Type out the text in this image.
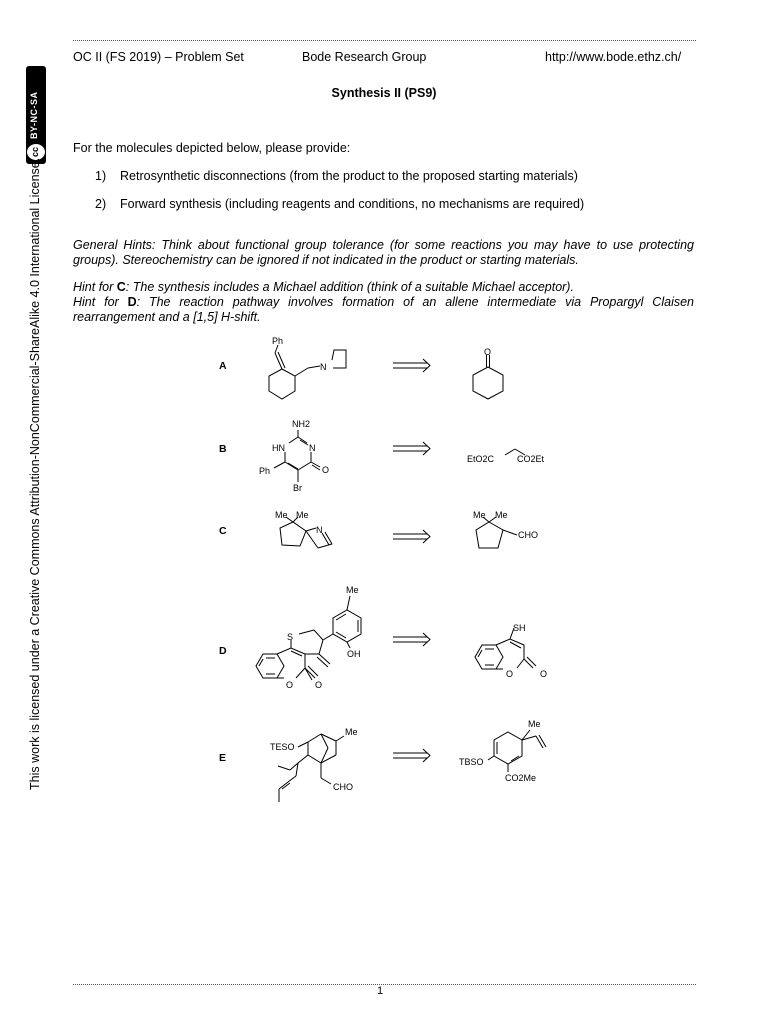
OC II (FS 2019) – Problem Set	Bode Research Group	http://www.bode.ethz.ch/
Synthesis II (PS9)
For the molecules depicted below, please provide:
1) Retrosynthetic disconnections (from the product to the proposed starting materials)
2) Forward synthesis (including reagents and conditions, no mechanisms are required)
General Hints: Think about functional group tolerance (for some reactions you may have to use protecting groups). Stereochemistry can be ignored if not indicated in the product or starting materials.
Hint for C: The synthesis includes a Michael addition (think of a suitable Michael acceptor).
Hint for D: The reaction pathway involves formation of an allene intermediate via Propargyl Claisen rearrangement and a [1,5] H-shift.
A
Ph
N
O
B
NH2
HN	N
Ph	O
Br
EtO2C	CO2Et
C
Me Me
N
Me Me
CHO
D
Me
S
OH
O O
SH
O	O
E
TESO
Me
CHO
TBSO
Me
CO2Me
BY-NC-SA
cc
This work is licensed under a Creative Commons Attribution-NonCommercial-ShareAlike 4.0 International License.
1
